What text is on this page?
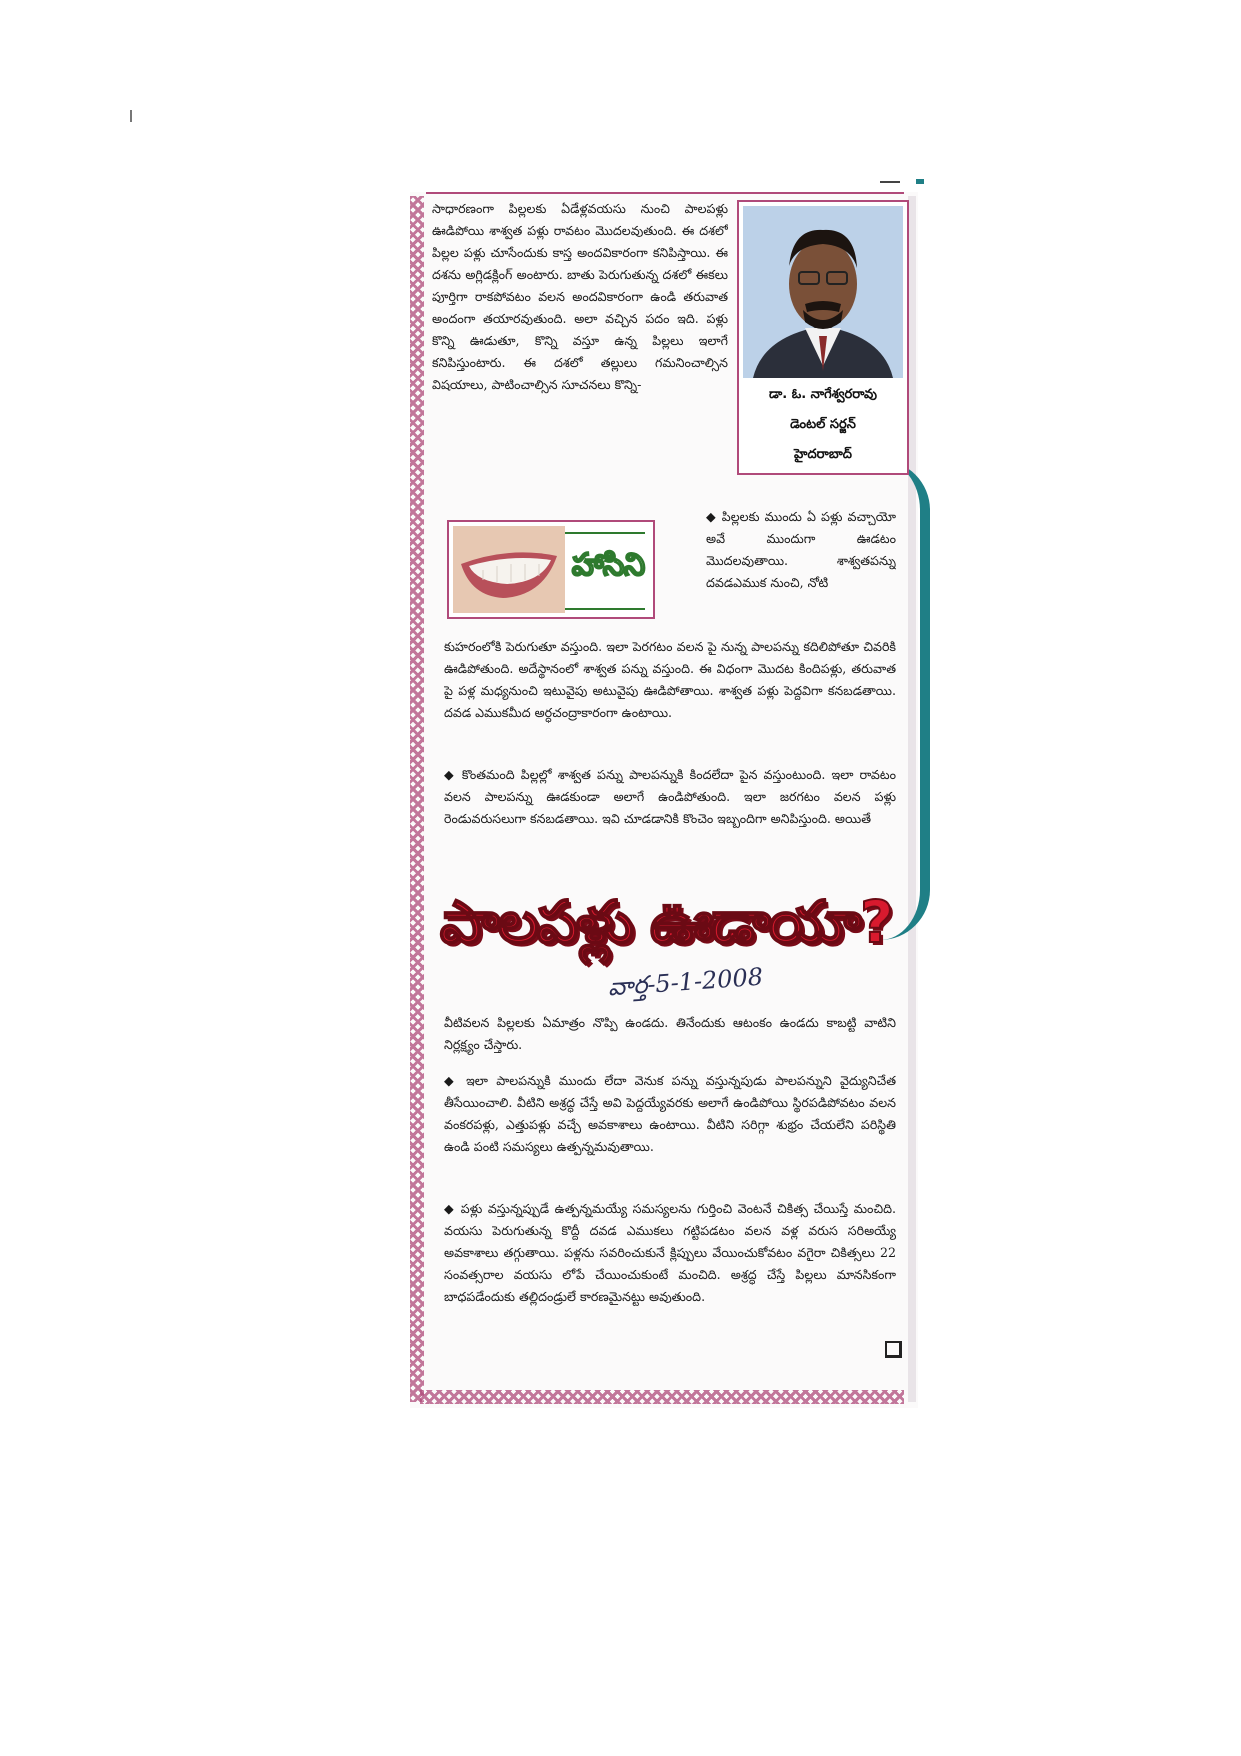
సాధారణంగా పిల్లలకు ఏడేళ్లవయసు నుంచి పాలపళ్లు ఊడిపోయి శాశ్వత పళ్లు రావటం మొదలవుతుంది. ఈ దశలో పిల్లల పళ్లు చూసేందుకు కాస్త అందవికారంగా కనిపిస్తాయి. ఈ దశను అగ్లిడక్లింగ్ అంటారు. బాతు పెరుగుతున్న దశలో ఈకలు పూర్తిగా రాకపోవటం వలన అందవికారంగా ఉండి తరువాత అందంగా తయారవుతుంది. అలా వచ్చిన పదం ఇది. పళ్లు కొన్ని ఊడుతూ, కొన్ని వస్తూ ఉన్న పిల్లలు ఇలాగే కనిపిస్తుంటారు. ఈ దశలో తల్లులు గమనించాల్సిన విషయాలు, పాటించాల్సిన సూచనలు కొన్ని-

డా. ఓ. నాగేశ్వరరావు
డెంటల్ సర్జన్
హైదరాబాద్
హాసిని

◆ పిల్లలకు ముందు ఏ పళ్లు వచ్చాయో అవే ముందుగా ఊడటం మొదలవుతాయి. శాశ్వతపన్ను దవడఎముక నుంచి, నోటి

కుహరంలోకి పెరుగుతూ వస్తుంది. ఇలా పెరగటం వలన పై నున్న పాలపన్ను కదిలిపోతూ చివరికి ఊడిపోతుంది. అదేస్థానంలో శాశ్వత పన్ను వస్తుంది. ఈ విధంగా మొదట కిందిపళ్లు, తరువాత పై పళ్ల మధ్యనుంచి ఇటువైపు అటువైపు ఊడిపోతాయి. శాశ్వత పళ్లు పెద్దవిగా కనబడతాయి. దవడ ఎముకమీద అర్ధచంద్రాకారంగా ఉంటాయి.

◆ కొంతమంది పిల్లల్లో శాశ్వత పన్ను పాలపన్నుకి కిందలేదా పైన వస్తుంటుంది. ఇలా రావటం వలన పాలపన్ను ఊడకుండా అలాగే ఉండిపోతుంది. ఇలా జరగటం వలన పళ్లు రెండువరుసలుగా కనబడతాయి. ఇవి చూడడానికి కొంచెం ఇబ్బందిగా అనిపిస్తుంది. అయితే

పాలపళ్లు ఊడాయా?
వార్త-5-1-2008

వీటివలన పిల్లలకు ఏమాత్రం నొప్పి ఉండదు. తినేందుకు ఆటంకం ఉండదు కాబట్టి వాటిని నిర్లక్ష్యం చేస్తారు.

◆ ఇలా పాలపన్నుకి ముందు లేదా వెనుక పన్ను వస్తున్నపుడు పాలపన్నుని వైద్యునిచేత తీసేయించాలి. వీటిని అశ్రద్ధ చేస్తే అవి పెద్దయ్యేవరకు అలాగే ఉండిపోయి స్థిరపడిపోవటం వలన వంకరపళ్లు, ఎత్తుపళ్లు వచ్చే అవకాశాలు ఉంటాయి. వీటిని సరిగ్గా శుభ్రం చేయలేని పరిస్థితి ఉండి పంటి సమస్యలు ఉత్పన్నమవుతాయి.

◆ పళ్లు వస్తున్నప్పుడే ఉత్పన్నమయ్యే సమస్యలను గుర్తించి వెంటనే చికిత్స చేయిస్తే మంచిది. వయసు పెరుగుతున్న కొద్దీ దవడ ఎముకలు గట్టిపడటం వలన వళ్ల వరుస సరిఅయ్యే అవకాశాలు తగ్గుతాయి. పళ్లను సవరించుకునే క్లిప్పులు వేయించుకోవటం వగైరా చికిత్సలు 22 సంవత్సరాల వయసు లోపే చేయించుకుంటే మంచిది. అశ్రద్ధ చేస్తే పిల్లలు మానసికంగా బాధపడేందుకు తల్లిదండ్రులే కారణమైనట్టు అవుతుంది.
